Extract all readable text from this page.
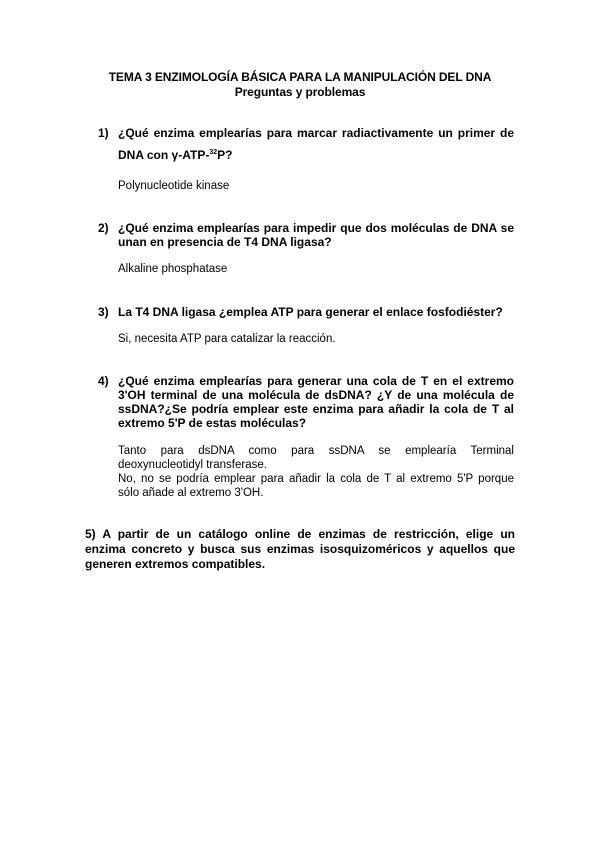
TEMA 3 ENZIMOLOGÍA BÁSICA PARA LA MANIPULACIÓN DEL DNA
Preguntas y problemas
1) ¿Qué enzima emplearías para marcar radiactivamente un primer de
DNA con γ-ATP-$^{32}$P?
Polynucleotide kinase
2) ¿Qué enzima emplearías para impedir que dos moléculas de DNA se
unan en presencia de T4 DNA ligasa?
Alkaline phosphatase
3) La T4 DNA ligasa ¿emplea ATP para generar el enlace fosfodiéster?
Si, necesita ATP para catalizar la reacción.
4) ¿Qué enzima emplearías para generar una cola de T en el extremo
3'OH terminal de una molécula de dsDNA? ¿Y de una molécula de
ssDNA?¿Se podría emplear este enzima para añadir la cola de T al
extremo 5'P de estas moléculas?
Tanto para dsDNA como para ssDNA se emplearía Terminal
deoxynucleotidyl transferase.
No, no se podría emplear para añadir la cola de T al extremo 5'P porque
sólo añade al extremo 3'OH.
5) A partir de un catálogo online de enzimas de restricción, elige un
enzima concreto y busca sus enzimas isosquizoméricos y aquellos que
generen extremos compatibles.
